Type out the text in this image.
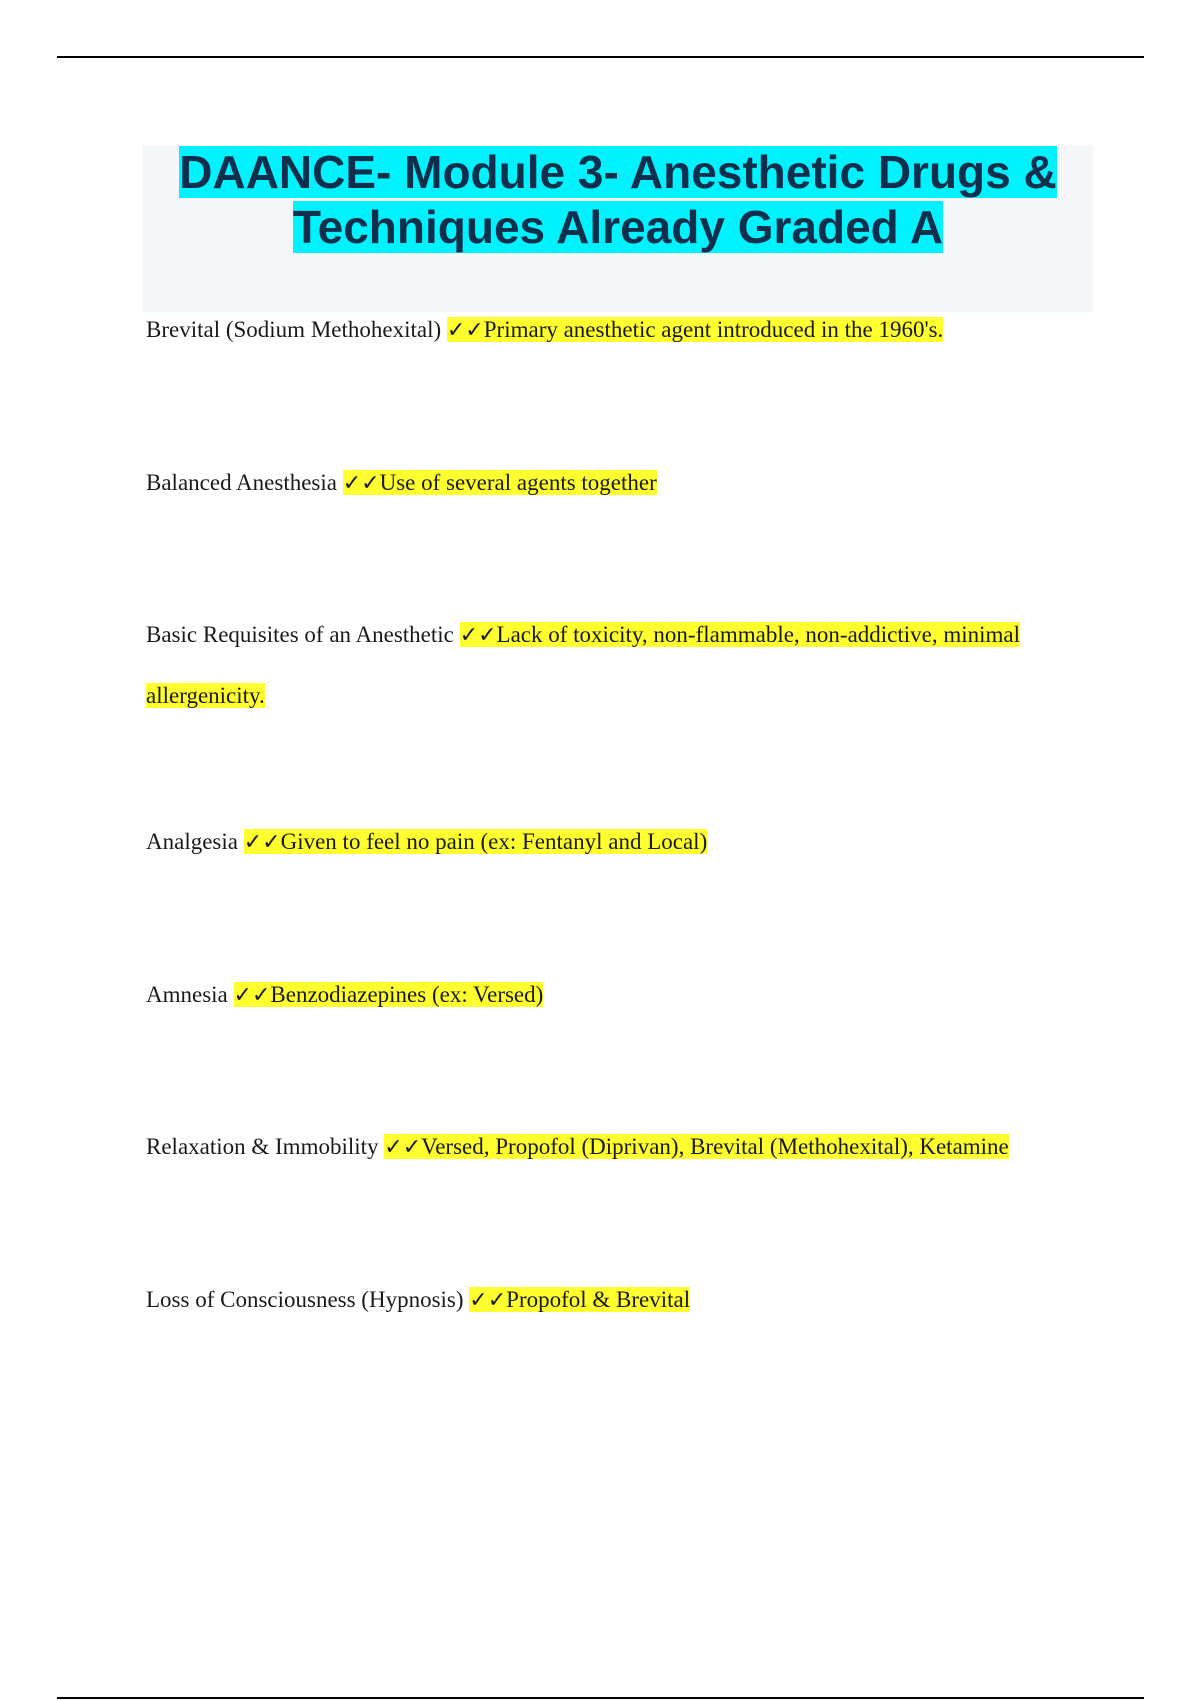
DAANCE- Module 3- Anesthetic Drugs &
Techniques Already Graded A

Brevital (Sodium Methohexital) ✓✓Primary anesthetic agent introduced in the 1960's.

Balanced Anesthesia ✓✓Use of several agents together

Basic Requisites of an Anesthetic ✓✓Lack of toxicity, non-flammable, non-addictive, minimal allergenicity.

Analgesia ✓✓Given to feel no pain (ex: Fentanyl and Local)

Amnesia ✓✓Benzodiazepines (ex: Versed)

Relaxation & Immobility ✓✓Versed, Propofol (Diprivan), Brevital (Methohexital), Ketamine

Loss of Consciousness (Hypnosis) ✓✓Propofol & Brevital
